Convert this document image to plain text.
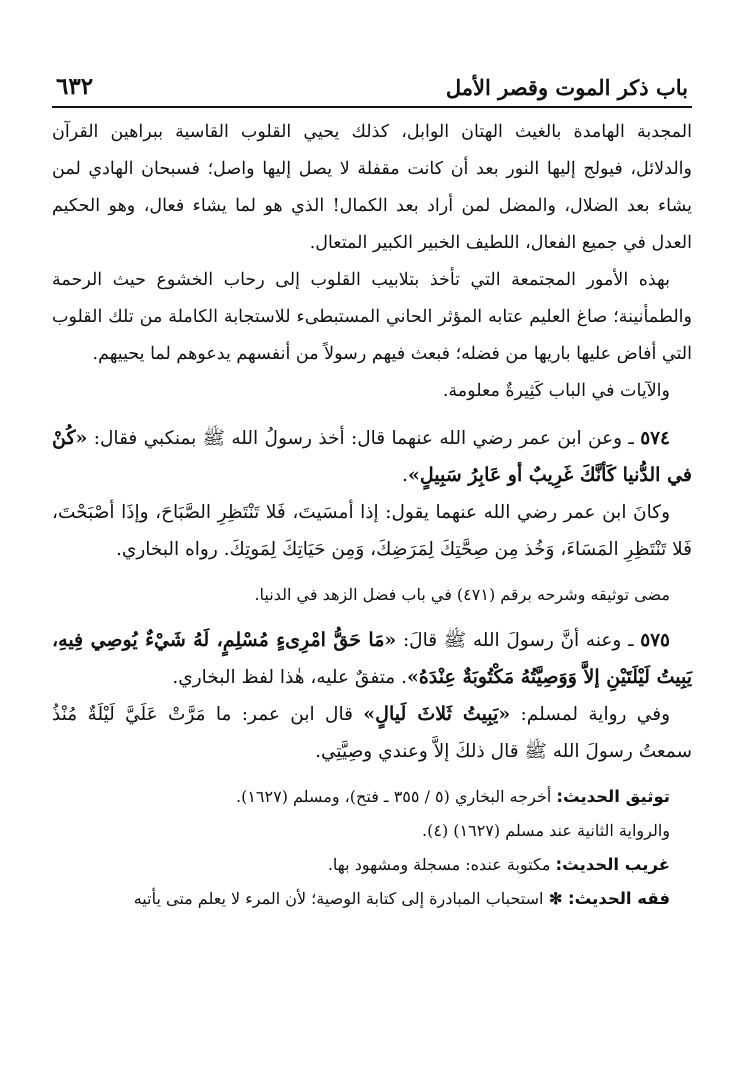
باب ذكر الموت وقصر الأمل
٦٣٢

المجدبة الهامدة بالغيث الهتان الوابل، كذلك يحيي القلوب القاسية ببراهين القرآن والدلائل، فيولج إليها النور بعد أن كانت مقفلة لا يصل إليها واصل؛ فسبحان الهادي لمن يشاء بعد الضلال، والمضل لمن أراد بعد الكمال! الذي هو لما يشاء فعال، وهو الحكيم العدل في جميع الفعال، اللطيف الخبير الكبير المتعال.

بهذه الأمور المجتمعة التي تأخذ بتلابيب القلوب إلى رحاب الخشوع حيث الرحمة والطمأنينة؛ صاغ العليم عتابه المؤثر الحاني المستبطىء للاستجابة الكاملة من تلك القلوب التي أفاض عليها باريها من فضله؛ فبعث فيهم رسولاً من أنفسهم يدعوهم لما يحييهم.

والآيات في الباب كَثِيرةٌ معلومة.

٥٧٤ ـ وعن ابن عمر رضي الله عنهما قال: أخذ رسولُ الله ﷺ بمنكبي فقال: «كُنْ في الدُّنيا كَأنَّكَ غَرِيبٌ أو عَابِرُ سَبِيلٍ».

وكانَ ابن عمر رضي الله عنهما يقول: إذا أمسَيتَ، فَلا تَنْتَظِرِ الصَّبَاحَ، وإذَا أصْبَحْتَ، فَلا تَنْتَظِرِ المَسَاءَ، وَخُذ مِن صِحَّتِكَ لِمَرَضِكَ، وَمِن حَيَاتِكَ لِمَوتِكَ. رواه البخاري.

مضى توثيقه وشرحه برقم (٤٧١) في باب فضل الزهد في الدنيا.

٥٧٥ ـ وعنه أنَّ رسولَ الله ﷺ قالَ: «مَا حَقُّ امْرِىءٍ مُسْلِمٍ، لَهُ شَيْءٌ يُوصِي فِيهِ، يَبِيتُ لَيْلَتَيْنِ إلاَّ وَوَصِيَّتُهُ مَكْتُوبَةٌ عِنْدَهُ». متفقٌ عليه، هٰذا لفظ البخاري.

وفي رواية لمسلم: «يَبِيتُ ثَلاثَ لَيالٍ» قال ابن عمر: ما مَرَّتْ عَلَيَّ لَيْلَةٌ مُنْذُ سمعتُ رسولَ الله ﷺ قال ذلكَ إلاَّ وعندي وصِيَّتِي.

توثيق الحديث: أخرجه البخاري (٥ / ٣٥٥ ـ فتح)، ومسلم (١٦٢٧).

والرواية الثانية عند مسلم (١٦٢٧) (٤).

غريب الحديث: مكتوبة عنده: مسجلة ومشهود بها.

فقه الحديث: ✻ استحباب المبادرة إلى كتابة الوصية؛ لأن المرء لا يعلم متى يأتيه
